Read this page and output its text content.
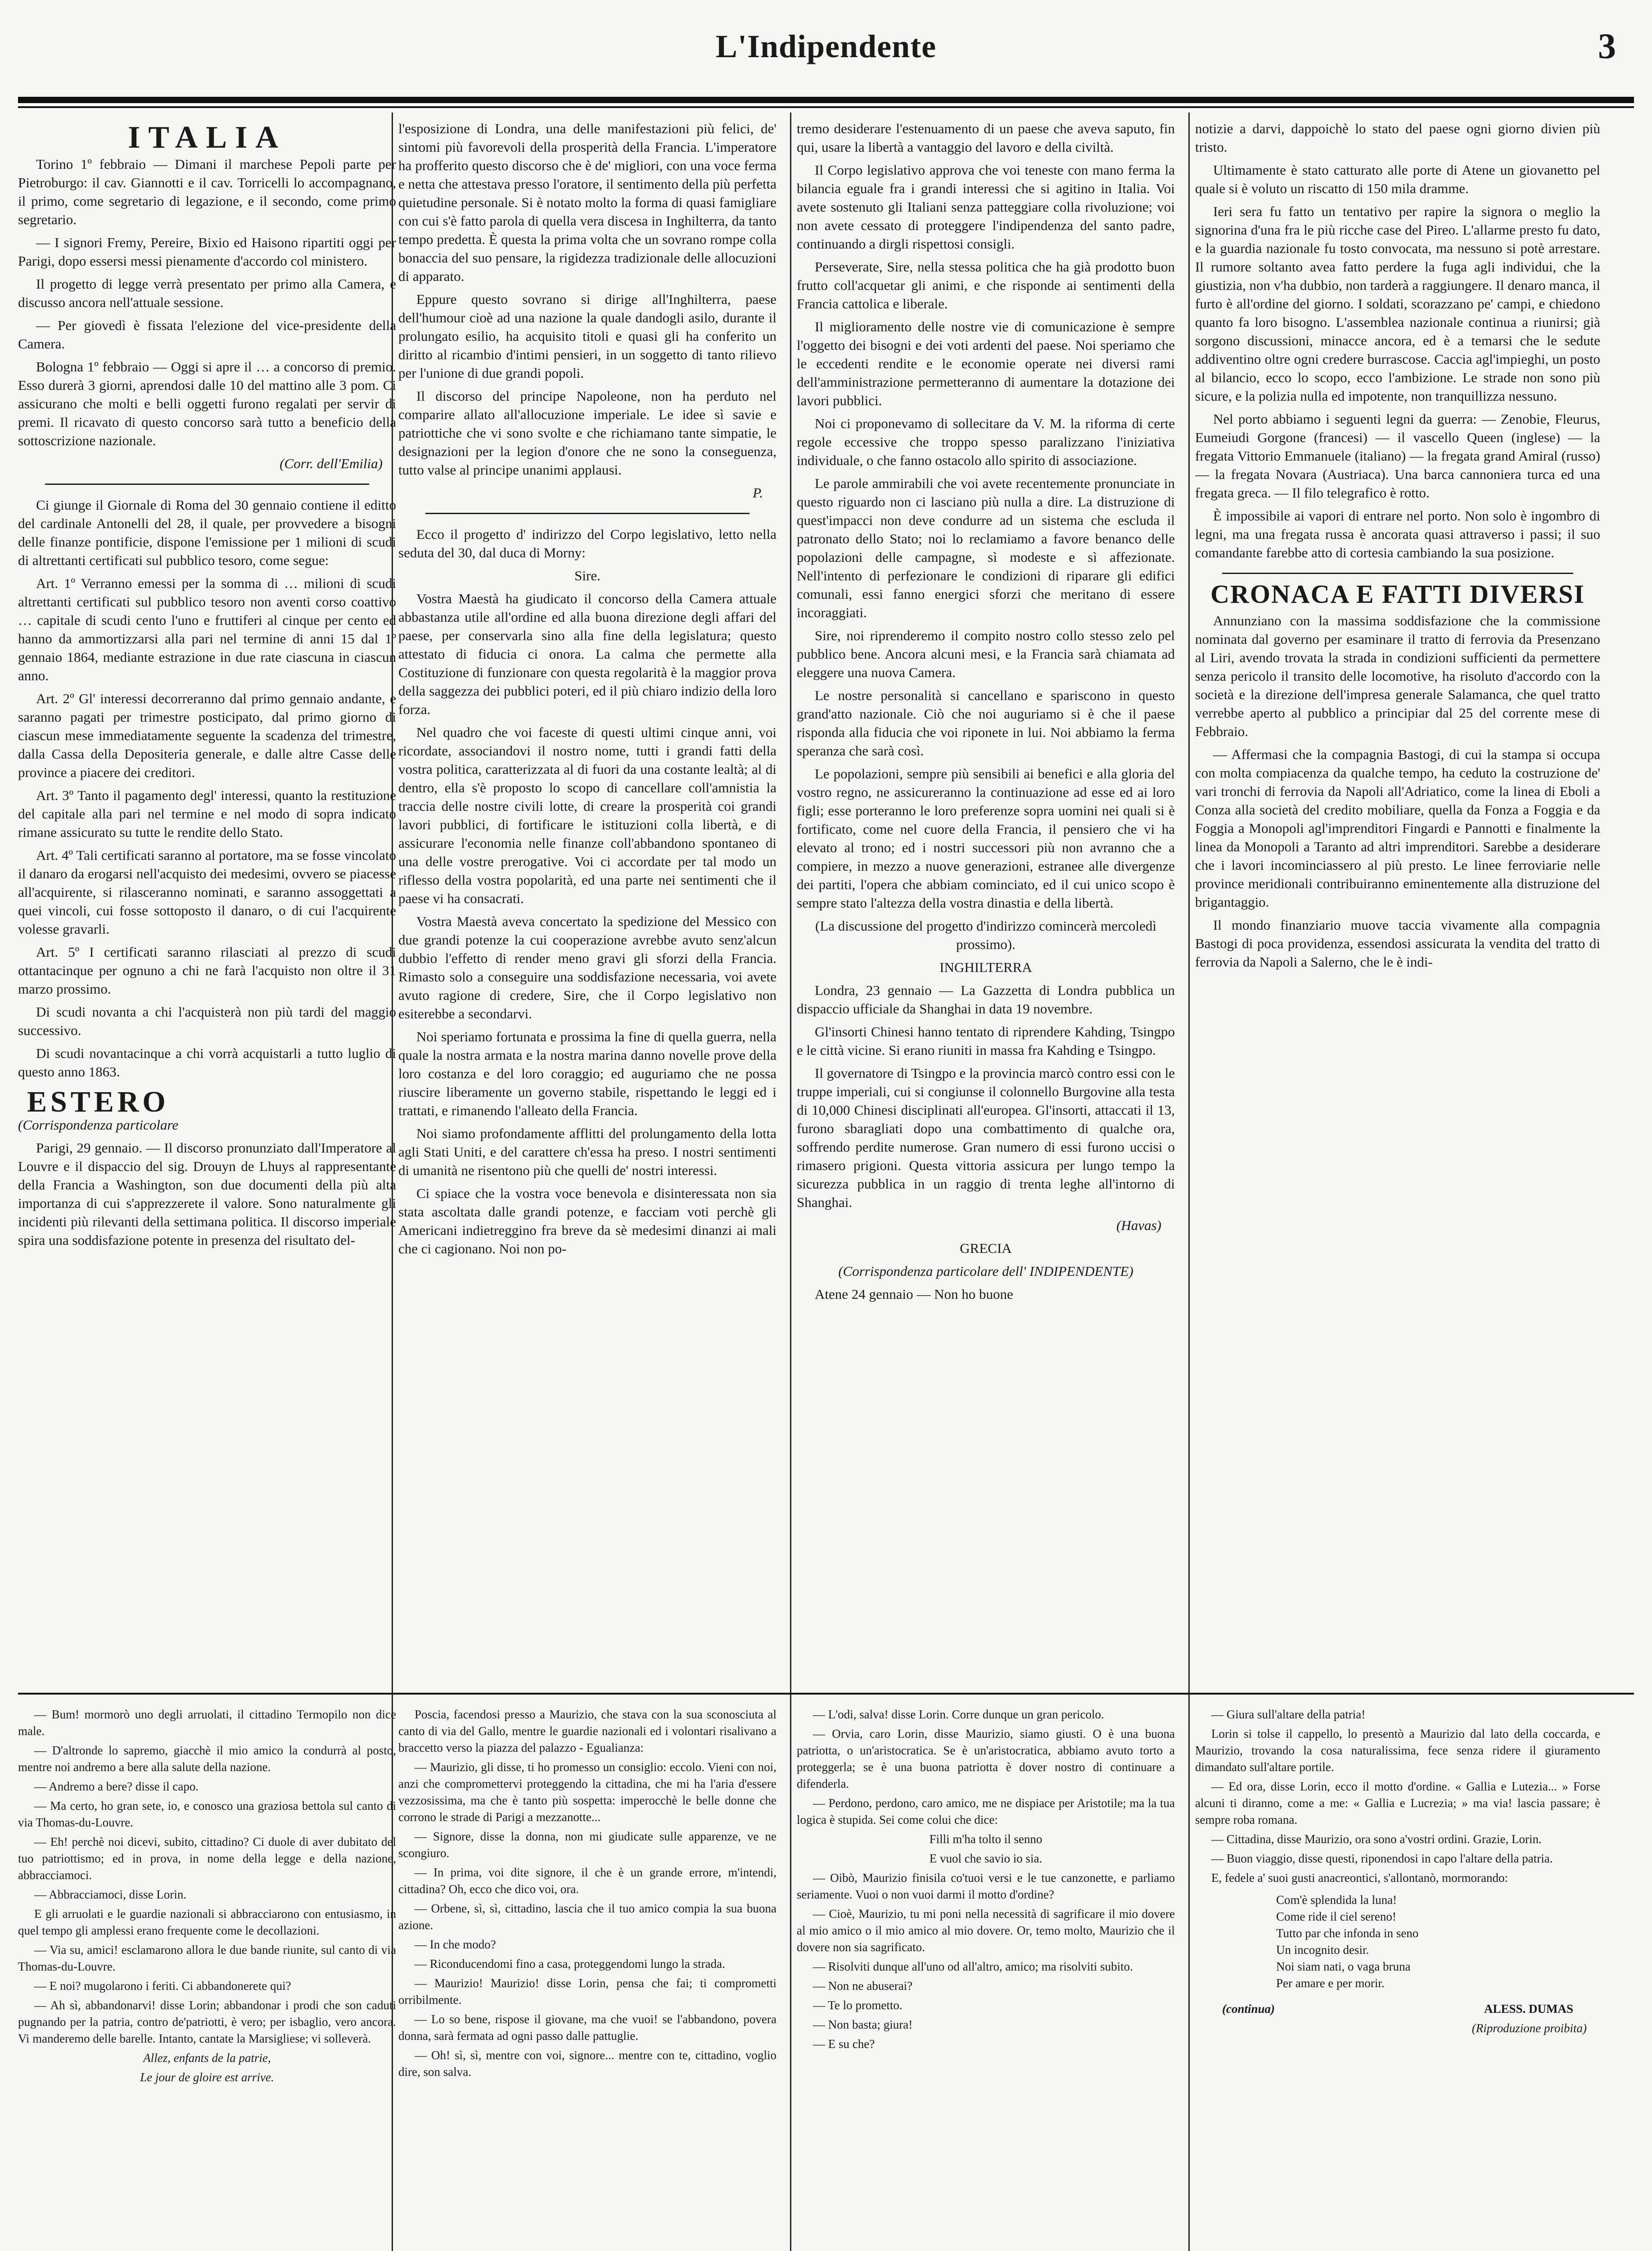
L'Indipendente	3
ITALIA

Torino 1º febbraio — Dimani il marchese Pepoli parte per Pietroburgo: il cav. Giannotti e il cav. Torricelli lo accompagnano, il primo, come segretario di legazione, e il secondo, come primo segretario.

— I signori Fremy, Pereire, Bixio ed Haisono ripartiti oggi per Parigi, dopo essersi messi pienamente d'accordo col ministero.

Il progetto di legge verrà presentato per primo alla Camera, e discusso ancora nell'attuale sessione.

— Per giovedì è fissata l'elezione del vice-presidente della Camera.

Bologna 1º febbraio — Oggi si apre il … a concorso di premio. Esso durerà 3 giorni, aprendosi dalle 10 del mattino alle 3 pom. Ci assicurano che molti e belli oggetti furono regalati per servir di premi. Il ricavato di questo concorso sarà tutto a beneficio della sottoscrizione nazionale.

(Corr. dell'Emilia)

Ci giunge il Giornale di Roma del 30 gennaio contiene il editto del cardinale Antonelli del 28, il quale, per provvedere a bisogni delle finanze pontificie, dispone l'emissione per 1 milioni di scudi di altrettanti certificati sul pubblico tesoro, come segue:

Art. 1º Verranno emessi per la somma di … milioni di scudi altrettanti certificati sul pubblico tesoro non aventi corso coattivo … capitale di scudi cento l'uno e fruttiferi al cinque per cento ed hanno da ammortizzarsi alla pari nel termine di anni 15 dal 1º gennaio 1864, mediante estrazione in due rate ciascuna in ciascun anno.

Art. 2º Gl' interessi decorreranno dal primo gennaio andante, e saranno pagati per trimestre posticipato, dal primo giorno di ciascun mese immediatamente seguente la scadenza del trimestre, dalla Cassa della Depositeria generale, e dalle altre Casse delle province a piacere dei creditori.

Art. 3º Tanto il pagamento degl' interessi, quanto la restituzione del capitale alla pari nel termine e nel modo di sopra indicato rimane assicurato su tutte le rendite dello Stato.

Art. 4º Tali certificati saranno al portatore, ma se fosse vincolato il danaro da erogarsi nell'acquisto dei medesimi, ovvero se piacesse all'acquirente, si rilasceranno nominati, e saranno assoggettati a quei vincoli, cui fosse sottoposto il danaro, o di cui l'acquirente volesse gravarli.

Art. 5º I certificati saranno rilasciati al prezzo di scudi ottantacinque per ognuno a chi ne farà l'acquisto non oltre il 31 marzo prossimo.

Di scudi novanta a chi l'acquisterà non più tardi del maggio successivo.

Di scudi novantacinque a chi vorrà acquistarli a tutto luglio di questo anno 1863.

ESTERO

(Corrispondenza particolare

Parigi, 29 gennaio. — Il discorso pronunziato dall'Imperatore al Louvre e il dispaccio del sig. Drouyn de Lhuys al rappresentante della Francia a Washington, son due documenti della più alta importanza di cui s'apprezzerete il valore. Sono naturalmente gli incidenti più rilevanti della settimana politica. Il discorso imperiale spira una soddisfazione potente in presenza del risultato del-

l'esposizione di Londra, una delle manifestazioni più felici, de' sintomi più favorevoli della prosperità della Francia. L'imperatore ha profferito questo discorso che è de' migliori, con una voce ferma e netta che attestava presso l'oratore, il sentimento della più perfetta quietudine personale. Si è notato molto la forma di quasi famigliare con cui s'è fatto parola di quella vera discesa in Inghilterra, da tanto tempo predetta. È questa la prima volta che un sovrano rompe colla bonaccia del suo pensare, la rigidezza tradizionale delle allocuzioni di apparato.

Eppure questo sovrano si dirige all'Inghilterra, paese dell'humour cioè ad una nazione la quale dandogli asilo, durante il prolungato esilio, ha acquisito titoli e quasi gli ha conferito un diritto al ricambio d'intimi pensieri, in un soggetto di tanto rilievo per l'unione di due grandi popoli.

Il discorso del principe Napoleone, non ha perduto nel comparire allato all'allocuzione imperiale. Le idee sì savie e patriottiche che vi sono svolte e che richiamano tante simpatie, le designazioni per la legion d'onore che ne sono la conseguenza, tutto valse al principe unanimi applausi.

P.

Ecco il progetto d' indirizzo del Corpo legislativo, letto nella seduta del 30, dal duca di Morny:

Sire.

Vostra Maestà ha giudicato il concorso della Camera attuale abbastanza utile all'ordine ed alla buona direzione degli affari del paese, per conservarla sino alla fine della legislatura; questo attestato di fiducia ci onora. La calma che permette alla Costituzione di funzionare con questa regolarità è la maggior prova della saggezza dei pubblici poteri, ed il più chiaro indizio della loro forza.

Nel quadro che voi faceste di questi ultimi cinque anni, voi ricordate, associandovi il nostro nome, tutti i grandi fatti della vostra politica, caratterizzata al di fuori da una costante lealtà; al di dentro, ella s'è proposto lo scopo di cancellare coll'amnistia la traccia delle nostre civili lotte, di creare la prosperità coi grandi lavori pubblici, di fortificare le istituzioni colla libertà, e di assicurare l'economia nelle finanze coll'abbandono spontaneo di una delle vostre prerogative. Voi ci accordate per tal modo un riflesso della vostra popolarità, ed una parte nei sentimenti che il paese vi ha consacrati.

Vostra Maestà aveva concertato la spedizione del Messico con due grandi potenze la cui cooperazione avrebbe avuto senz'alcun dubbio l'effetto di render meno gravi gli sforzi della Francia. Rimasto solo a conseguire una soddisfazione necessaria, voi avete avuto ragione di credere, Sire, che il Corpo legislativo non esiterebbe a secondarvi.

Noi speriamo fortunata e prossima la fine di quella guerra, nella quale la nostra armata e la nostra marina danno novelle prove della loro costanza e del loro coraggio; ed auguriamo che ne possa riuscire liberamente un governo stabile, rispettando le leggi ed i trattati, e rimanendo l'alleato della Francia.

Noi siamo profondamente afflitti del prolungamento della lotta agli Stati Uniti, e del carattere ch'essa ha preso. I nostri sentimenti di umanità ne risentono più che quelli de' nostri interessi.

Ci spiace che la vostra voce benevola e disinteressata non sia stata ascoltata dalle grandi potenze, e facciam voti perchè gli Americani indietreggino fra breve da sè medesimi dinanzi ai mali che ci cagionano. Noi non po-

tremo desiderare l'estenuamento di un paese che aveva saputo, fin qui, usare la libertà a vantaggio del lavoro e della civiltà.

Il Corpo legislativo approva che voi teneste con mano ferma la bilancia eguale fra i grandi interessi che si agitino in Italia. Voi avete sostenuto gli Italiani senza patteggiare colla rivoluzione; voi non avete cessato di proteggere l'indipendenza del santo padre, continuando a dirgli rispettosi consigli.

Perseverate, Sire, nella stessa politica che ha già prodotto buon frutto coll'acquetar gli animi, e che risponde ai sentimenti della Francia cattolica e liberale.

Il miglioramento delle nostre vie di comunicazione è sempre l'oggetto dei bisogni e dei voti ardenti del paese. Noi speriamo che le eccedenti rendite e le economie operate nei diversi rami dell'amministrazione permetteranno di aumentare la dotazione dei lavori pubblici.

Noi ci proponevamo di sollecitare da V. M. la riforma di certe regole eccessive che troppo spesso paralizzano l'iniziativa individuale, o che fanno ostacolo allo spirito di associazione.

Le parole ammirabili che voi avete recentemente pronunciate in questo riguardo non ci lasciano più nulla a dire. La distruzione di quest'impacci non deve condurre ad un sistema che escluda il patronato dello Stato; noi lo reclamiamo a favore benanco delle popolazioni delle campagne, sì modeste e sì affezionate. Nell'intento di perfezionare le condizioni di riparare gli edifici comunali, essi fanno energici sforzi che meritano di essere incoraggiati.

Sire, noi riprenderemo il compito nostro collo stesso zelo pel pubblico bene. Ancora alcuni mesi, e la Francia sarà chiamata ad eleggere una nuova Camera.

Le nostre personalità si cancellano e spariscono in questo grand'atto nazionale. Ciò che noi auguriamo si è che il paese risponda alla fiducia che voi riponete in lui. Noi abbiamo la ferma speranza che sarà così.

Le popolazioni, sempre più sensibili ai benefici e alla gloria del vostro regno, ne assicureranno la continuazione ad esse ed ai loro figli; esse porteranno le loro preferenze sopra uomini nei quali si è fortificato, come nel cuore della Francia, il pensiero che vi ha elevato al trono; ed i nostri successori più non avranno che a compiere, in mezzo a nuove generazioni, estranee alle divergenze dei partiti, l'opera che abbiam cominciato, ed il cui unico scopo è sempre stato l'altezza della vostra dinastia e della libertà.

(La discussione del progetto d'indirizzo comincerà mercoledì prossimo).

INGHILTERRA

Londra, 23 gennaio — La Gazzetta di Londra pubblica un dispaccio ufficiale da Shanghai in data 19 novembre.

Gl'insorti Chinesi hanno tentato di riprendere Kahding, Tsingpo e le città vicine. Si erano riuniti in massa fra Kahding e Tsingpo.

Il governatore di Tsingpo e la provincia marcò contro essi con le truppe imperiali, cui si congiunse il colonnello Burgovine alla testa di 10,000 Chinesi disciplinati all'europea. Gl'insorti, attaccati il 13, furono sbaragliati dopo una combattimento di qualche ora, soffrendo perdite numerose. Gran numero di essi furono uccisi o rimasero prigioni. Questa vittoria assicura per lungo tempo la sicurezza pubblica in un raggio di trenta leghe all'intorno di Shanghai.

(Havas)

GRECIA

(Corrispondenza particolare dell' INDIPENDENTE)

Atene 24 gennaio — Non ho buone

notizie a darvi, dappoichè lo stato del paese ogni giorno divien più tristo.

Ultimamente è stato catturato alle porte di Atene un giovanetto pel quale si è voluto un riscatto di 150 mila dramme.

Ieri sera fu fatto un tentativo per rapire la signora o meglio la signorina d'una fra le più ricche case del Pireo. L'allarme presto fu dato, e la guardia nazionale fu tosto convocata, ma nessuno si potè arrestare. Il rumore soltanto avea fatto perdere la fuga agli individui, che la giustizia, non v'ha dubbio, non tarderà a raggiungere. Il denaro manca, il furto è all'ordine del giorno. I soldati, scorazzano pe' campi, e chiedono quanto fa loro bisogno. L'assemblea nazionale continua a riunirsi; già sorgono discussioni, minacce ancora, ed è a temarsi che le sedute addiventino oltre ogni credere burrascose. Caccia agl'impieghi, un posto al bilancio, ecco lo scopo, ecco l'ambizione. Le strade non sono più sicure, e la polizia nulla ed impotente, non tranquillizza nessuno.

Nel porto abbiamo i seguenti legni da guerra: — Zenobie, Fleurus, Eumeiudi Gorgone (francesi) — il vascello Queen (inglese) — la fregata Vittorio Emmanuele (italiano) — la fregata grand Amiral (russo) — la fregata Novara (Austriaca). Una barca cannoniera turca ed una fregata greca. — Il filo telegrafico è rotto.

È impossibile ai vapori di entrare nel porto. Non solo è ingombro di legni, ma una fregata russa è ancorata quasi attraverso i passi; il suo comandante farebbe atto di cortesia cambiando la sua posizione.

CRONACA E FATTI DIVERSI

Annunziano con la massima soddisfazione che la commissione nominata dal governo per esaminare il tratto di ferrovia da Presenzano al Liri, avendo trovata la strada in condizioni sufficienti da permettere senza pericolo il transito delle locomotive, ha risoluto d'accordo con la società e la direzione dell'impresa generale Salamanca, che quel tratto verrebbe aperto al pubblico a principiar dal 25 del corrente mese di Febbraio.

— Affermasi che la compagnia Bastogi, di cui la stampa si occupa con molta compiacenza da qualche tempo, ha ceduto la costruzione de' vari tronchi di ferrovia da Napoli all'Adriatico, come la linea di Eboli a Conza alla società del credito mobiliare, quella da Fonza a Foggia e da Foggia a Monopoli agl'imprenditori Fingardi e Pannotti e finalmente la linea da Monopoli a Taranto ad altri imprenditori. Sarebbe a desiderare che i lavori incominciassero al più presto. Le linee ferroviarie nelle province meridionali contribuiranno eminentemente alla distruzione del brigantaggio.

Il mondo finanziario muove taccia vivamente alla compagnia Bastogi di poca providenza, essendosi assicurata la vendita del tratto di ferrovia da Napoli a Salerno, che le è indi-

— Bum! mormorò uno degli arruolati, il cittadino Termopilo non dice male.

— D'altronde lo sapremo, giacchè il mio amico la condurrà al posto, mentre noi andremo a bere alla salute della nazione.

— Andremo a bere? disse il capo.

— Ma certo, ho gran sete, io, e conosco una graziosa bettola sul canto di via Thomas-du-Louvre.

— Eh! perchè noi dicevi, subito, cittadino? Ci duole di aver dubitato del tuo patriottismo; ed in prova, in nome della legge e della nazione, abbracciamoci.

— Abbracciamoci, disse Lorin.

E gli arruolati e le guardie nazionali si abbracciarono con entusiasmo, in quel tempo gli amplessi erano frequente come le decollazioni.

— Via su, amici! esclamarono allora le due bande riunite, sul canto di via Thomas-du-Louvre.

— E noi? mugolarono i feriti. Ci abbandonerete qui?

— Ah sì, abbandonarvi! disse Lorin; abbandonar i prodi che son caduti pugnando per la patria, contro de'patriotti, è vero; per isbaglio, vero ancora. Vi manderemo delle barelle. Intanto, cantate la Marsigliese; vi solleverà.

Allez, enfants de la patrie,

Le jour de gloire est arrive.

Poscia, facendosi presso a Maurizio, che stava con la sua sconosciuta al canto di via del Gallo, mentre le guardie nazionali ed i volontari risalivano a braccetto verso la piazza del palazzo - Egualianza:

— Maurizio, gli disse, ti ho promesso un consiglio: eccolo. Vieni con noi, anzi che compromettervi proteggendo la cittadina, che mi ha l'aria d'essere vezzosissima, ma che è tanto più sospetta: imperocchè le belle donne che corrono le strade di Parigi a mezzanotte...

— Signore, disse la donna, non mi giudicate sulle apparenze, ve ne scongiuro.

— In prima, voi dite signore, il che è un grande errore, m'intendi, cittadina? Oh, ecco che dico voi, ora.

— Orbene, sì, sì, cittadino, lascia che il tuo amico compia la sua buona azione.

— In che modo?

— Riconducendomi fino a casa, proteggendomi lungo la strada.

— Maurizio! Maurizio! disse Lorin, pensa che fai; ti comprometti orribilmente.

— Lo so bene, rispose il giovane, ma che vuoi! se l'abbandono, povera donna, sarà fermata ad ogni passo dalle pattuglie.

— Oh! sì, sì, mentre con voi, signore... mentre con te, cittadino, voglio dire, son salva.

— L'odi, salva! disse Lorin. Corre dunque un gran pericolo.

— Orvia, caro Lorin, disse Maurizio, siamo giusti. O è una buona patriotta, o un'aristocratica. Se è un'aristocratica, abbiamo avuto torto a proteggerla; se è una buona patriotta è dover nostro di continuare a difenderla.

— Perdono, perdono, caro amico, me ne dispiace per Aristotile; ma la tua logica è stupida. Sei come colui che dice:

Filli m'ha tolto il senno

E vuol che savio io sia.

— Oibò, Maurizio finisila co'tuoi versi e le tue canzonette, e parliamo seriamente. Vuoi o non vuoi darmi il motto d'ordine?

— Cioè, Maurizio, tu mi poni nella necessità di sagrificare il mio dovere al mio amico o il mio amico al mio dovere. Or, temo molto, Maurizio che il dovere non sia sagrificato.

— Risolviti dunque all'uno od all'altro, amico; ma risolviti subito.

— Non ne abuserai?

— Te lo prometto.

— Non basta; giura!

— E su che?

— Giura sull'altare della patria!

Lorin si tolse il cappello, lo presentò a Maurizio dal lato della coccarda, e Maurizio, trovando la cosa naturalissima, fece senza ridere il giuramento dimandato sull'altare portile.

— Ed ora, disse Lorin, ecco il motto d'ordine. « Gallia e Lutezia... » Forse alcuni ti diranno, come a me: « Gallia e Lucrezia; » ma via! lascia passare; è sempre roba romana.

— Cittadina, disse Maurizio, ora sono a'vostri ordini. Grazie, Lorin.

— Buon viaggio, disse questi, riponendosi in capo l'altare della patria.

E, fedele a' suoi gusti anacreontici, s'allontanò, mormorando:

Com'è splendida la luna!
Come ride il ciel sereno!
Tutto par che infonda in seno
Un incognito desir.
Noi siam nati, o vaga bruna
Per amare e per morir.
(continua)	ALESS. DUMAS
(Riproduzione proibita)
